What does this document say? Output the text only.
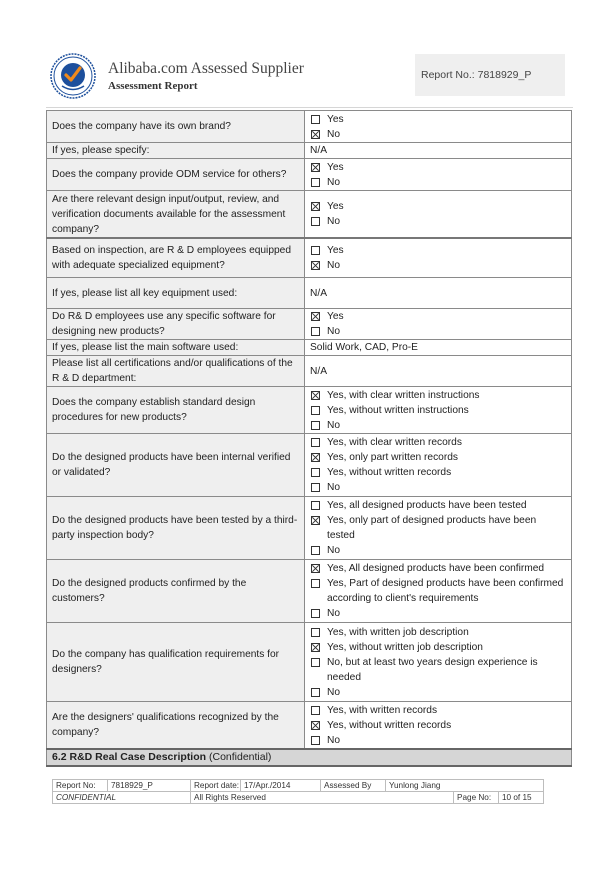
Alibaba.com Assessed Supplier
Assessment Report
Report No.: 7818929_P
Does the company have its own brand?	Yes
No

If yes, please specify:	N/A
Does the company provide ODM service for others?	Yes
No

Are there relevant design input/output, review, and verification documents available for the assessment company?	Yes
No

Based on inspection, are R & D employees equipped with adequate specialized equipment?	Yes
No

If yes, please list all key equipment used:	N/A
Do R& D employees use any specific software for designing new products?	Yes
No

If yes, please list the main software used:	Solid Work, CAD, Pro-E
Please list all certifications and/or qualifications of the R & D department:	N/A
Does the company establish standard design procedures for new products?	Yes, with clear written instructions
Yes, without written instructions
No

Do the designed products have been internal verified or validated?	Yes, with clear written records
Yes, only part written records
Yes, without written records
No

Do the designed products have been tested by a third-party inspection body?	Yes, all designed products have been tested
Yes, only part of designed products have been tested
No

Do the designed products confirmed by the customers?	Yes, All designed products have been confirmed
Yes, Part of designed products have been confirmed according to client's requirements
No

Do the company has qualification requirements for designers?	Yes, with written job description
Yes, without written job description
No, but at least two years design experience is needed
No

Are the designers' qualifications recognized by the company?	Yes, with written records
Yes, without written records
No

6.2 R&D Real Case Description (Confidential)	
Report No:	7818929_P	Report date:	17/Apr./2014	Assessed By	Yunlong Jiang		
CONFIDENTIAL		All Rights Reserved				Page No:	10 of 15
